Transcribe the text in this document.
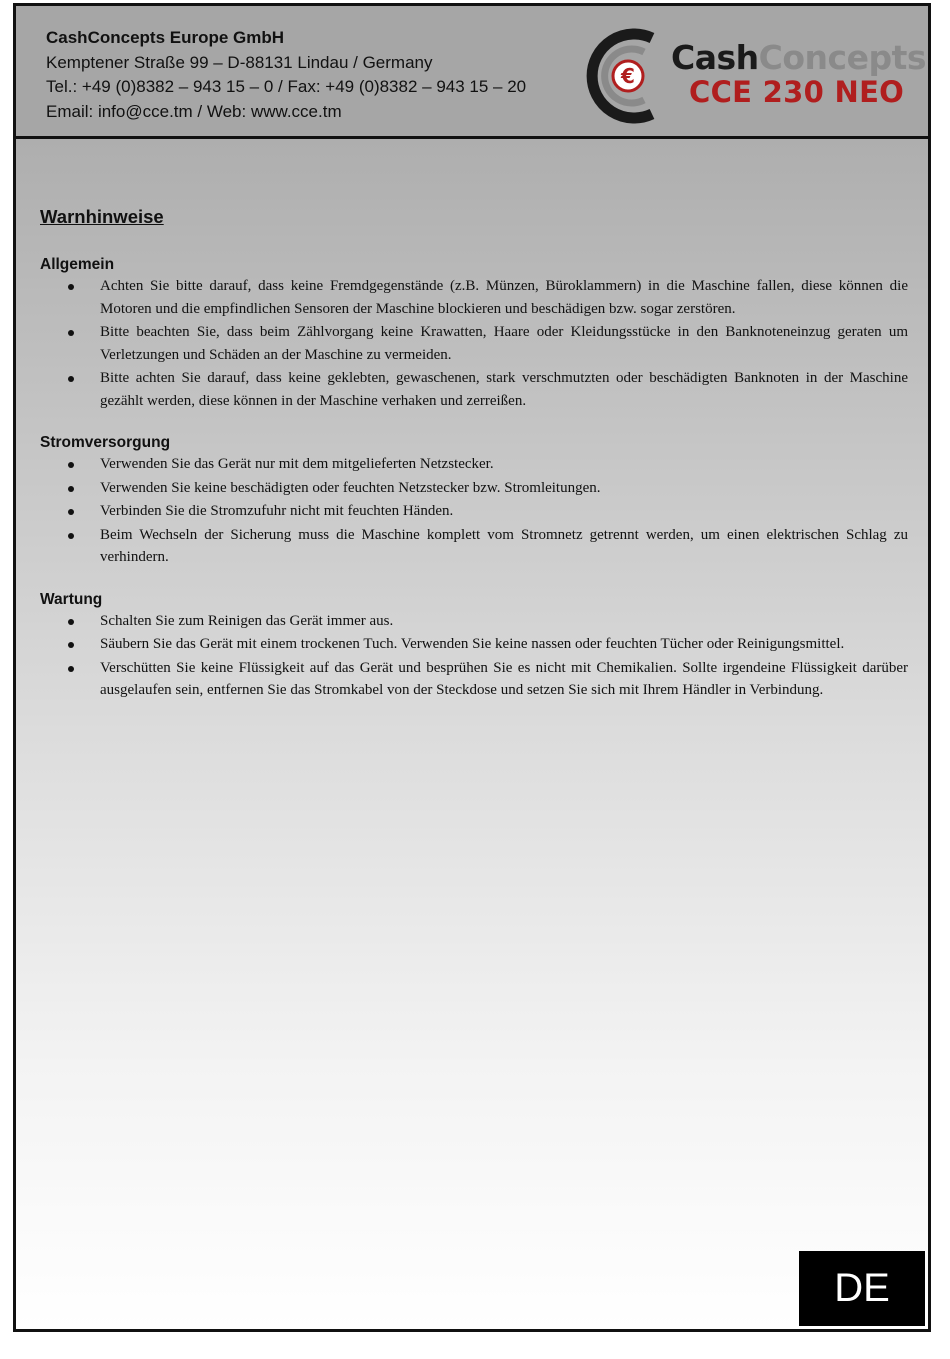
CashConcepts Europe GmbH
Kemptener Straße 99 – D-88131 Lindau / Germany
Tel.: +49 (0)8382 – 943 15 – 0 / Fax: +49 (0)8382 – 943 15 – 20
Email: info@cce.tm / Web: www.cce.tm
€ CashConcepts
CCE 230 NEO
Warnhinweise
Allgemein
Achten Sie bitte darauf, dass keine Fremdgegenstände (z.B. Münzen, Büroklammern) in die Maschine fallen, diese können die Motoren und die empfindlichen Sensoren der Maschine blockieren und beschädigen bzw. sogar zerstören.
Bitte beachten Sie, dass beim Zählvorgang keine Krawatten, Haare oder Kleidungsstücke in den Banknoteneinzug geraten um Verletzungen und Schäden an der Maschine zu vermeiden.
Bitte achten Sie darauf, dass keine geklebten, gewaschenen, stark verschmutzten oder beschädigten Banknoten in der Maschine gezählt werden, diese können in der Maschine verhaken und zerreißen.
Stromversorgung
Verwenden Sie das Gerät nur mit dem mitgelieferten Netzstecker.
Verwenden Sie keine beschädigten oder feuchten Netzstecker bzw. Stromleitungen.
Verbinden Sie die Stromzufuhr nicht mit feuchten Händen.
Beim Wechseln der Sicherung muss die Maschine komplett vom Stromnetz getrennt werden, um einen elektrischen Schlag zu verhindern.
Wartung
Schalten Sie zum Reinigen das Gerät immer aus.
Säubern Sie das Gerät mit einem trockenen Tuch. Verwenden Sie keine nassen oder feuchten Tücher oder Reinigungsmittel.
Verschütten Sie keine Flüssigkeit auf das Gerät und besprühen Sie es nicht mit Chemikalien. Sollte irgendeine Flüssigkeit darüber ausgelaufen sein, entfernen Sie das Stromkabel von der Steckdose und setzen Sie sich mit Ihrem Händler in Verbindung.
DE
